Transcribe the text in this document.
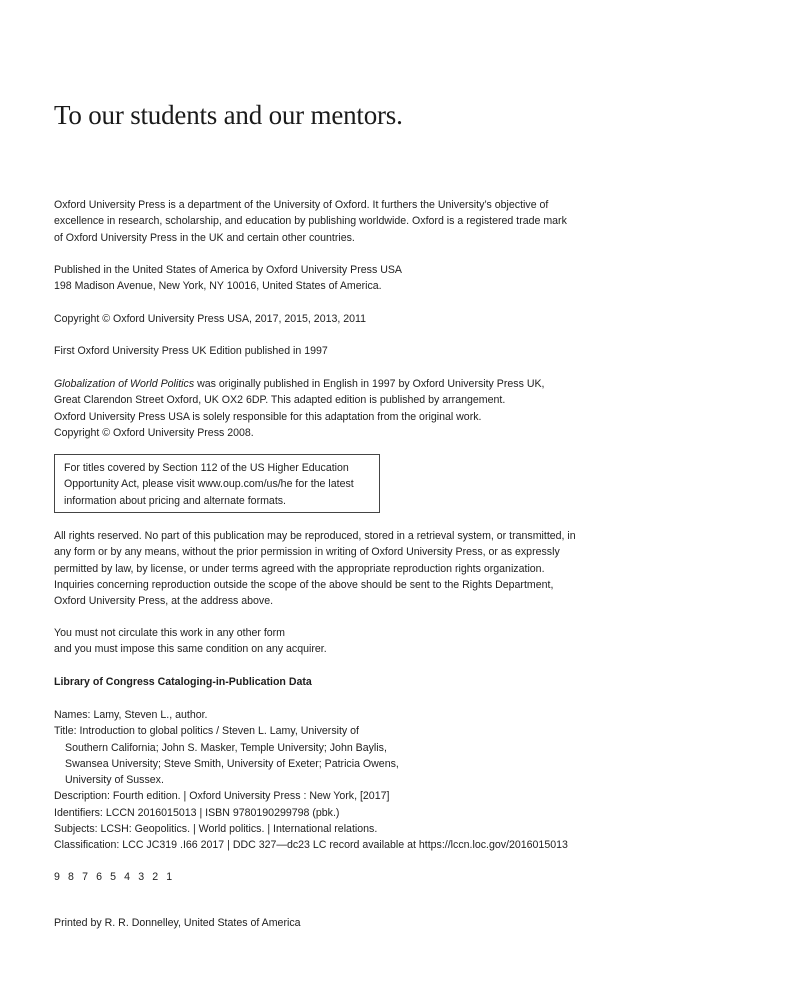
To our students and our mentors.

Oxford University Press is a department of the University of Oxford. It furthers the University’s objective of
excellence in research, scholarship, and education by publishing worldwide. Oxford is a registered trade mark
of Oxford University Press in the UK and certain other countries.

Published in the United States of America by Oxford University Press USA
198 Madison Avenue, New York, NY 10016, United States of America.

Copyright © Oxford University Press USA, 2017, 2015, 2013, 2011

First Oxford University Press UK Edition published in 1997

Globalization of World Politics was originally published in English in 1997 by Oxford University Press UK,
Great Clarendon Street Oxford, UK OX2 6DP. This adapted edition is published by arrangement.
Oxford University Press USA is solely responsible for this adaptation from the original work.
Copyright © Oxford University Press 2008.

For titles covered by Section 112 of the US Higher Education
Opportunity Act, please visit www.oup.com/us/he for the latest
information about pricing and alternate formats.

All rights reserved. No part of this publication may be reproduced, stored in a retrieval system, or transmitted, in
any form or by any means, without the prior permission in writing of Oxford University Press, or as expressly
permitted by law, by license, or under terms agreed with the appropriate reproduction rights organization.
Inquiries concerning reproduction outside the scope of the above should be sent to the Rights Department,
Oxford University Press, at the address above.

You must not circulate this work in any other form
and you must impose this same condition on any acquirer.

Library of Congress Cataloging-in-Publication Data

Names: Lamy, Steven L., author.
Title: Introduction to global politics / Steven L. Lamy, University of
Southern California; John S. Masker, Temple University; John Baylis,
Swansea University; Steve Smith, University of Exeter; Patricia Owens,
University of Sussex.
Description: Fourth edition. | Oxford University Press : New York, [2017]
Identifiers: LCCN 2016015013 | ISBN 9780190299798 (pbk.)
Subjects: LCSH: Geopolitics. | World politics. | International relations.
Classification: LCC JC319 .I66 2017 | DDC 327—dc23 LC record available at https://lccn.loc.gov/2016015013

9 8 7 6 5 4 3 2 1

Printed by R. R. Donnelley, United States of America
